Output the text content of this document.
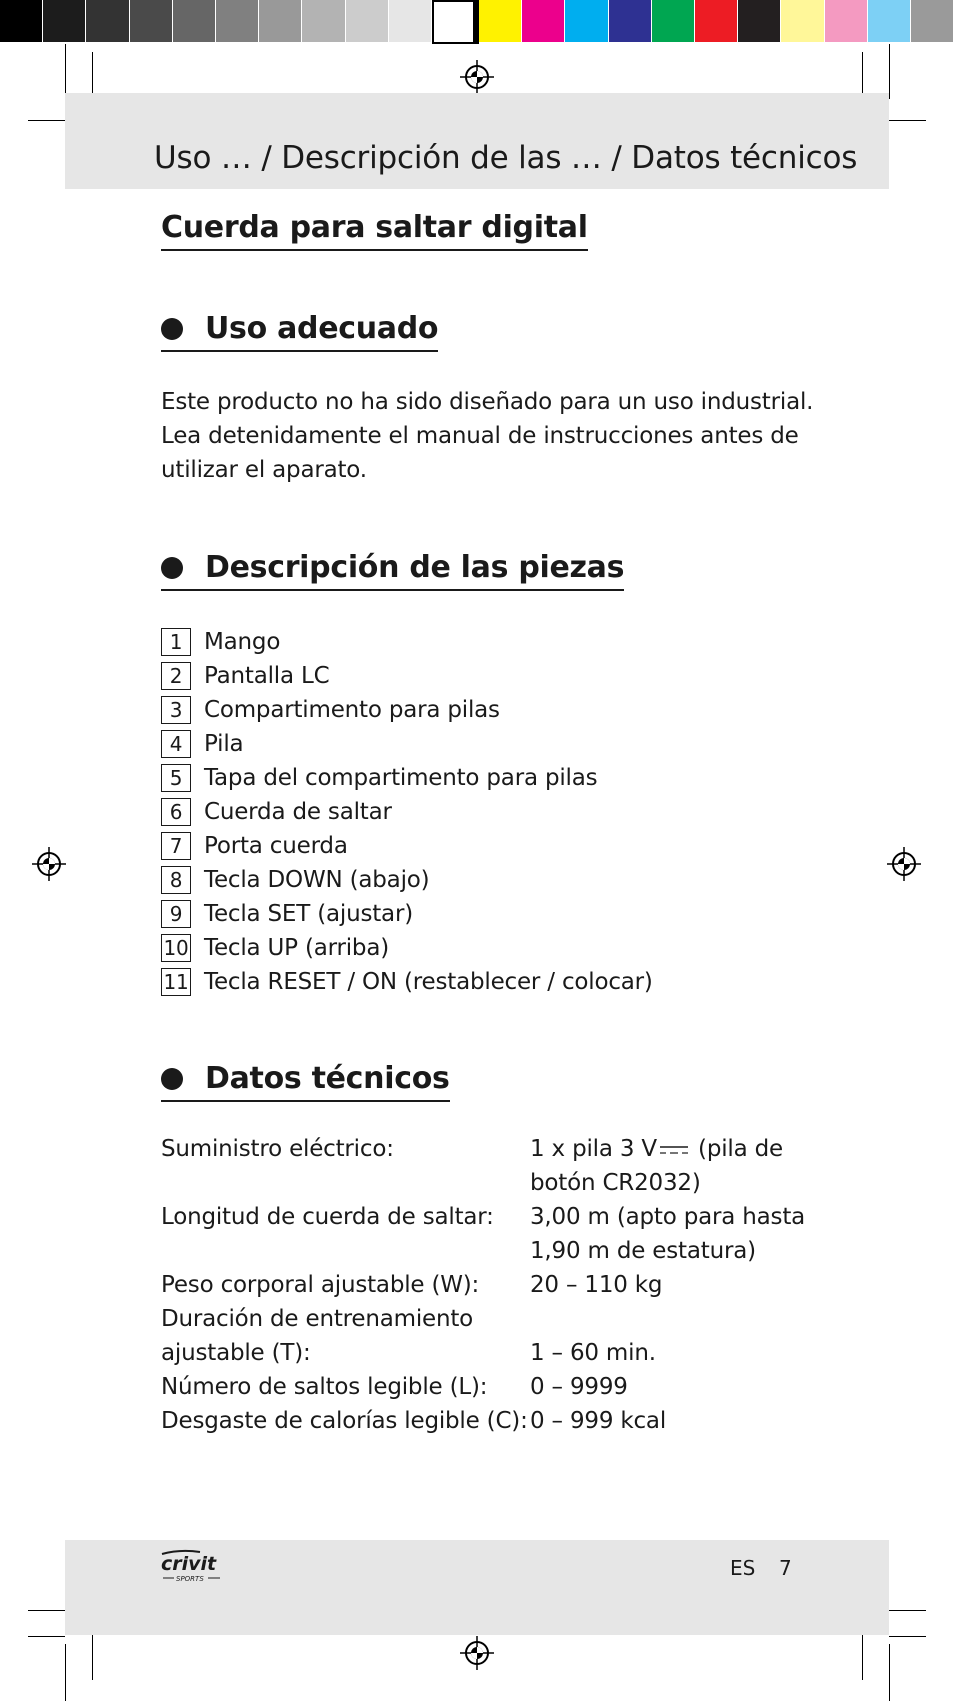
Uso … / Descripción de las … / Datos técnicos
Cuerda para saltar digital
Uso adecuado
Este producto no ha sido diseñado para un uso industrial.
Lea detenidamente el manual de instrucciones antes de
utilizar el aparato.
Descripción de las piezas
1 Mango
2 Pantalla LC
3 Compartimento para pilas
4 Pila
5 Tapa del compartimento para pilas
6 Cuerda de saltar
7 Porta cuerda
8 Tecla DOWN (abajo)
9 Tecla SET (ajustar)
10 Tecla UP (arriba)
11 Tecla RESET / ON (restablecer / colocar)
Datos técnicos
Suministro eléctrico:	1 x pila 3 V (pila de
botón CR2032)
Longitud de cuerda de saltar:	3,00 m (apto para hasta
1,90 m de estatura)
Peso corporal ajustable (W):	20 – 110 kg
Duración de entrenamiento
ajustable (T):	1 – 60 min.
Número de saltos legible (L):	0 – 9999
Desgaste de calorías legible (C): 0 – 999 kcal
crivit
SPORTS	ES 7
